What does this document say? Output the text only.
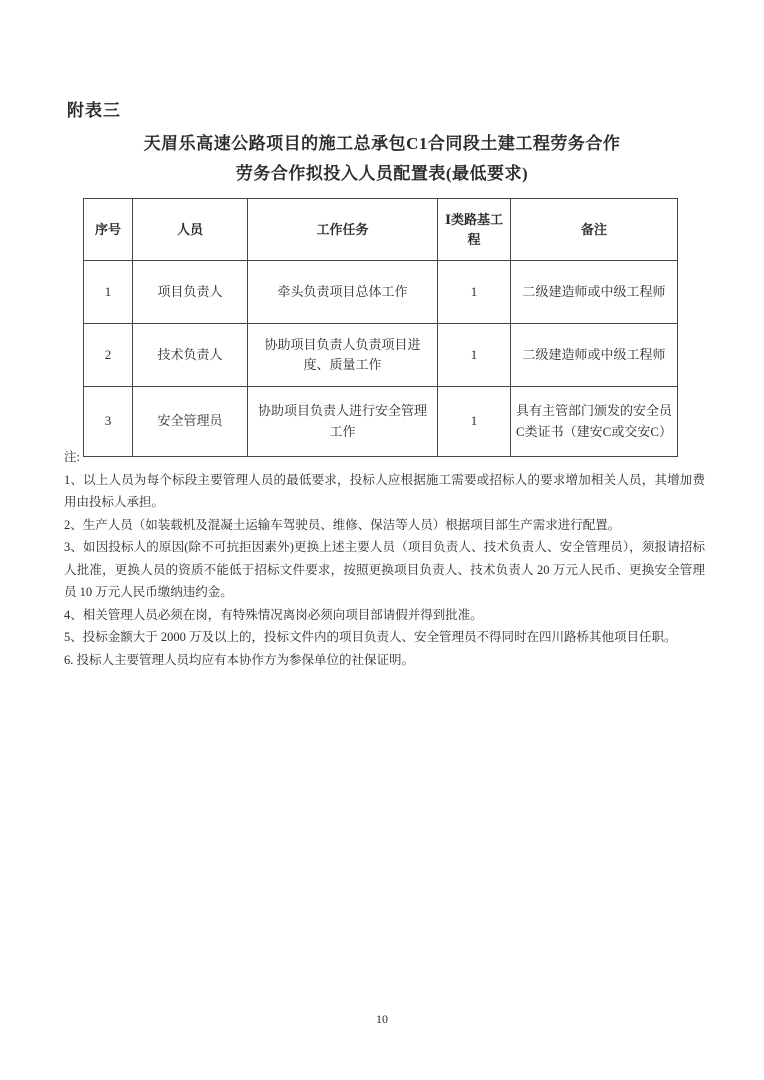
附表三
天眉乐高速公路项目的施工总承包C1合同段土建工程劳务合作
劳务合作拟投入人员配置表(最低要求)
序号	人员	工作任务	Ⅰ类路基工程	备注
1	项目负责人	牵头负责项目总体工作	1	二级建造师或中级工程师
2	技术负责人	协助项目负责人负责项目进度、质量工作	1	二级建造师或中级工程师
3	安全管理员	协助项目负责人进行安全管理工作	1	具有主管部门颁发的安全员C类证书（建安C或交安C）

注:

1、以上人员为每个标段主要管理人员的最低要求，投标人应根据施工需要或招标人的要求增加相关人员，其增加费用由投标人承担。

2、生产人员（如装载机及混凝土运输车驾驶员、维修、保洁等人员）根据项目部生产需求进行配置。

3、如因投标人的原因(除不可抗拒因素外)更换上述主要人员（项目负责人、技术负责人、安全管理员），须报请招标人批准，更换人员的资质不能低于招标文件要求，按照更换项目负责人、技术负责人 20 万元人民币、更换安全管理员 10 万元人民币缴纳违约金。

4、相关管理人员必须在岗，有特殊情况离岗必须向项目部请假并得到批准。

5、投标金额大于 2000 万及以上的，投标文件内的项目负责人、安全管理员不得同时在四川路桥其他项目任职。

6. 投标人主要管理人员均应有本协作方为参保单位的社保证明。

10
